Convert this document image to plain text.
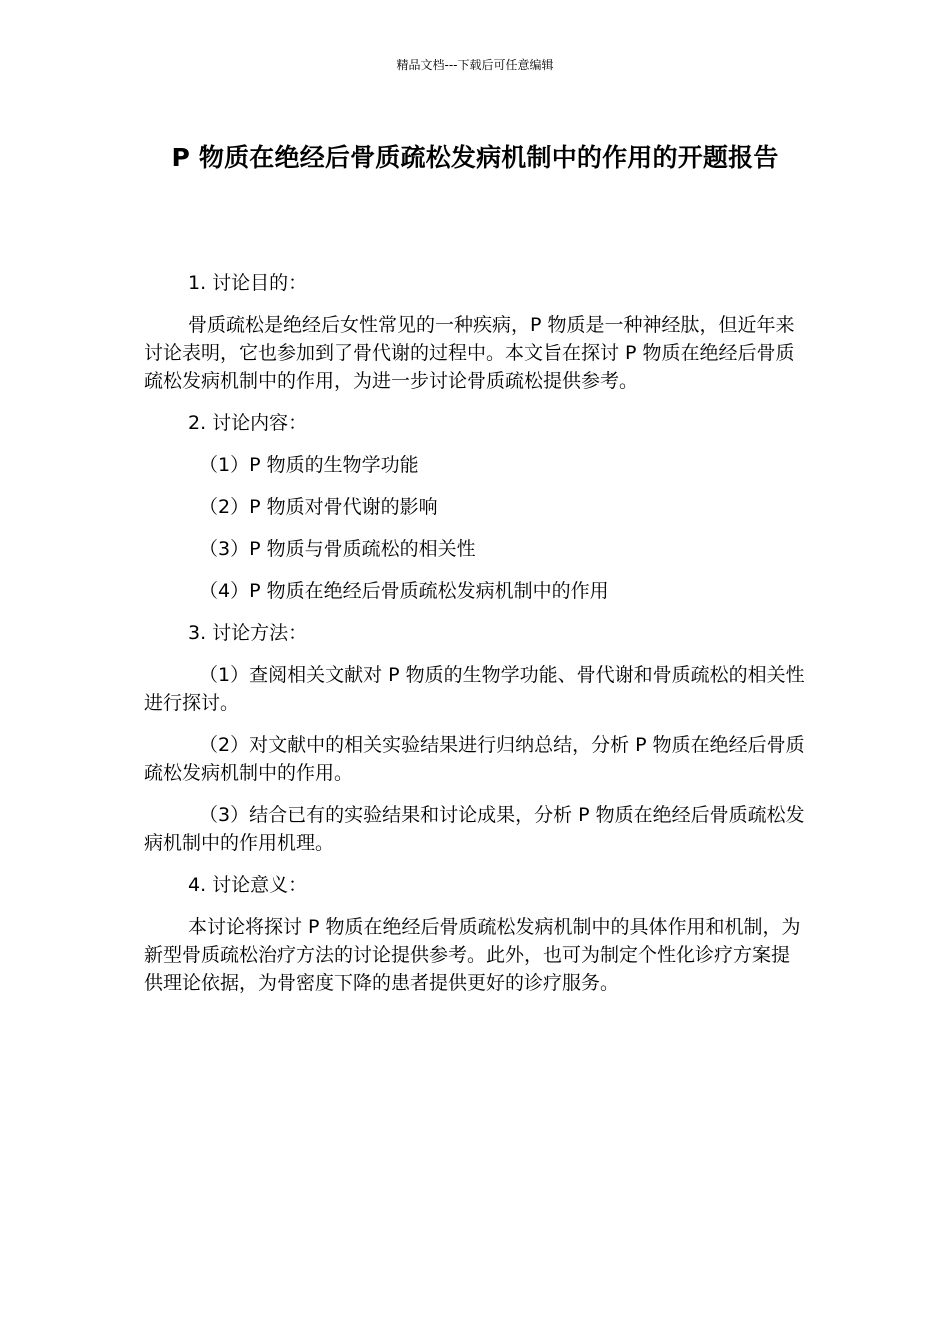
精品文档---下载后可任意编辑
P 物质在绝经后骨质疏松发病机制中的作用的开题报告

1. 讨论目的：

骨质疏松是绝经后女性常见的一种疾病，P 物质是一种神经肽，但近年来讨论表明，它也参加到了骨代谢的过程中。本文旨在探讨 P 物质在绝经后骨质疏松发病机制中的作用，为进一步讨论骨质疏松提供参考。

2. 讨论内容：

（1）P 物质的生物学功能

（2）P 物质对骨代谢的影响

（3）P 物质与骨质疏松的相关性

（4）P 物质在绝经后骨质疏松发病机制中的作用

3. 讨论方法：

（1）查阅相关文献对 P 物质的生物学功能、骨代谢和骨质疏松的相关性进行探讨。

（2）对文献中的相关实验结果进行归纳总结，分析 P 物质在绝经后骨质疏松发病机制中的作用。

（3）结合已有的实验结果和讨论成果，分析 P 物质在绝经后骨质疏松发病机制中的作用机理。

4. 讨论意义：

本讨论将探讨 P 物质在绝经后骨质疏松发病机制中的具体作用和机制，为新型骨质疏松治疗方法的讨论提供参考。此外，也可为制定个性化诊疗方案提供理论依据，为骨密度下降的患者提供更好的诊疗服务。
